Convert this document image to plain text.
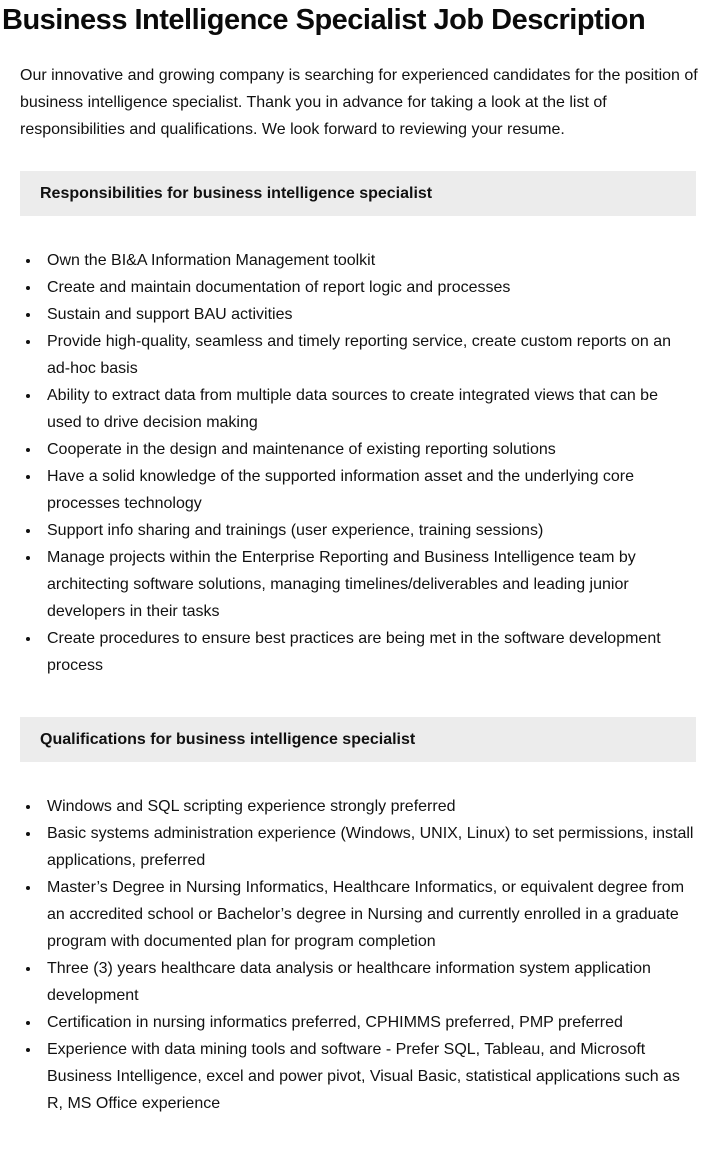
Business Intelligence Specialist Job Description

Our innovative and growing company is searching for experienced candidates for the position of business intelligence specialist. Thank you in advance for taking a look at the list of responsibilities and qualifications. We look forward to reviewing your resume.

Responsibilities for business intelligence specialist
• Own the BI&A Information Management toolkit
• Create and maintain documentation of report logic and processes
• Sustain and support BAU activities
• Provide high-quality, seamless and timely reporting service, create custom reports on an ad-hoc basis
• Ability to extract data from multiple data sources to create integrated views that can be used to drive decision making
• Cooperate in the design and maintenance of existing reporting solutions
• Have a solid knowledge of the supported information asset and the underlying core processes technology
• Support info sharing and trainings (user experience, training sessions)
• Manage projects within the Enterprise Reporting and Business Intelligence team by architecting software solutions, managing timelines/deliverables and leading junior developers in their tasks
• Create procedures to ensure best practices are being met in the software development process
Qualifications for business intelligence specialist
• Windows and SQL scripting experience strongly preferred
• Basic systems administration experience (Windows, UNIX, Linux) to set permissions, install applications, preferred
• Master’s Degree in Nursing Informatics, Healthcare Informatics, or equivalent degree from an accredited school or Bachelor’s degree in Nursing and currently enrolled in a graduate program with documented plan for program completion
• Three (3) years healthcare data analysis or healthcare information system application development
• Certification in nursing informatics preferred, CPHIMMS preferred, PMP preferred
• Experience with data mining tools and software - Prefer SQL, Tableau, and Microsoft Business Intelligence, excel and power pivot, Visual Basic, statistical applications such as R, MS Office experience
